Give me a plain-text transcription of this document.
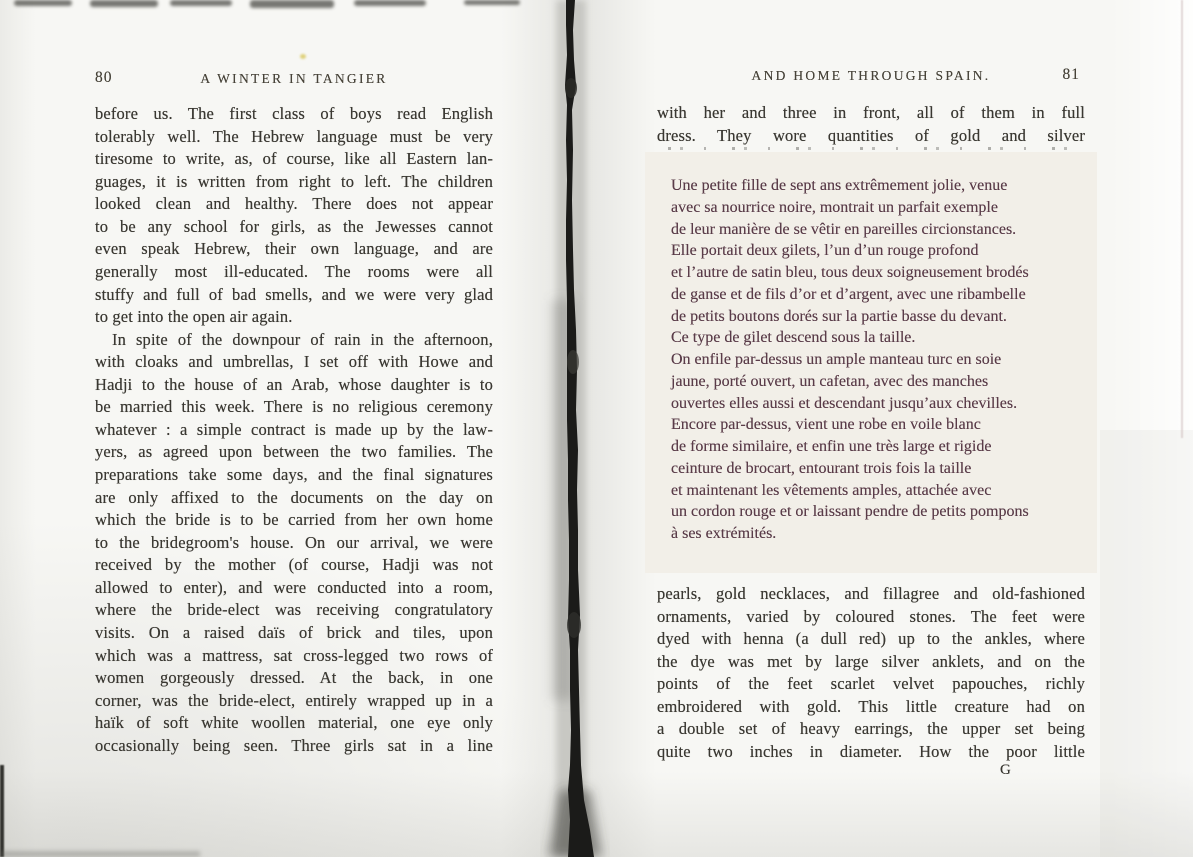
80	A WINTER IN TANGIER
before us. The first class of boys read English
tolerably well. The Hebrew language must be very
tiresome to write, as, of course, like all Eastern lan-
guages, it is written from right to left. The children
looked clean and healthy. There does not appear
to be any school for girls, as the Jewesses cannot
even speak Hebrew, their own language, and are
generally most ill-educated. The rooms were all
stuffy and full of bad smells, and we were very glad
to get into the open air again.
In spite of the downpour of rain in the afternoon,
with cloaks and umbrellas, I set off with Howe and
Hadji to the house of an Arab, whose daughter is to
be married this week. There is no religious ceremony
whatever : a simple contract is made up by the law-
yers, as agreed upon between the two families. The
preparations take some days, and the final signatures
are only affixed to the documents on the day on
which the bride is to be carried from her own home
to the bridegroom's house. On our arrival, we were
received by the mother (of course, Hadji was not
allowed to enter), and were conducted into a room,
where the bride-elect was receiving congratulatory
visits. On a raised daïs of brick and tiles, upon
which was a mattress, sat cross-legged two rows of
women gorgeously dressed. At the back, in one
corner, was the bride-elect, entirely wrapped up in a
haïk of soft white woollen material, one eye only
occasionally being seen. Three girls sat in a line
AND HOME THROUGH SPAIN.	81
with her and three in front, all of them in full
dress. They wore quantities of gold and silver
Une petite fille de sept ans extrêmement jolie, venue
avec sa nourrice noire, montrait un parfait exemple
de leur manière de se vêtir en pareilles circionstances.
Elle portait deux gilets, l’un d’un rouge profond
et l’autre de satin bleu, tous deux soigneusement brodés
de ganse et de fils d’or et d’argent, avec une ribambelle
de petits boutons dorés sur la partie basse du devant.
Ce type de gilet descend sous la taille.
On enfile par-dessus un ample manteau turc en soie
jaune, porté ouvert, un cafetan, avec des manches
ouvertes elles aussi et descendant jusqu’aux chevilles.
Encore par-dessus, vient une robe en voile blanc
de forme similaire, et enfin une très large et rigide
ceinture de brocart, entourant trois fois la taille
et maintenant les vêtements amples, attachée avec
un cordon rouge et or laissant pendre de petits pompons
à ses extrémités.
pearls, gold necklaces, and fillagree and old-fashioned
ornaments, varied by coloured stones. The feet were
dyed with henna (a dull red) up to the ankles, where
the dye was met by large silver anklets, and on the
points of the feet scarlet velvet papouches, richly
embroidered with gold. This little creature had on
a double set of heavy earrings, the upper set being
quite two inches in diameter. How the poor little
G
